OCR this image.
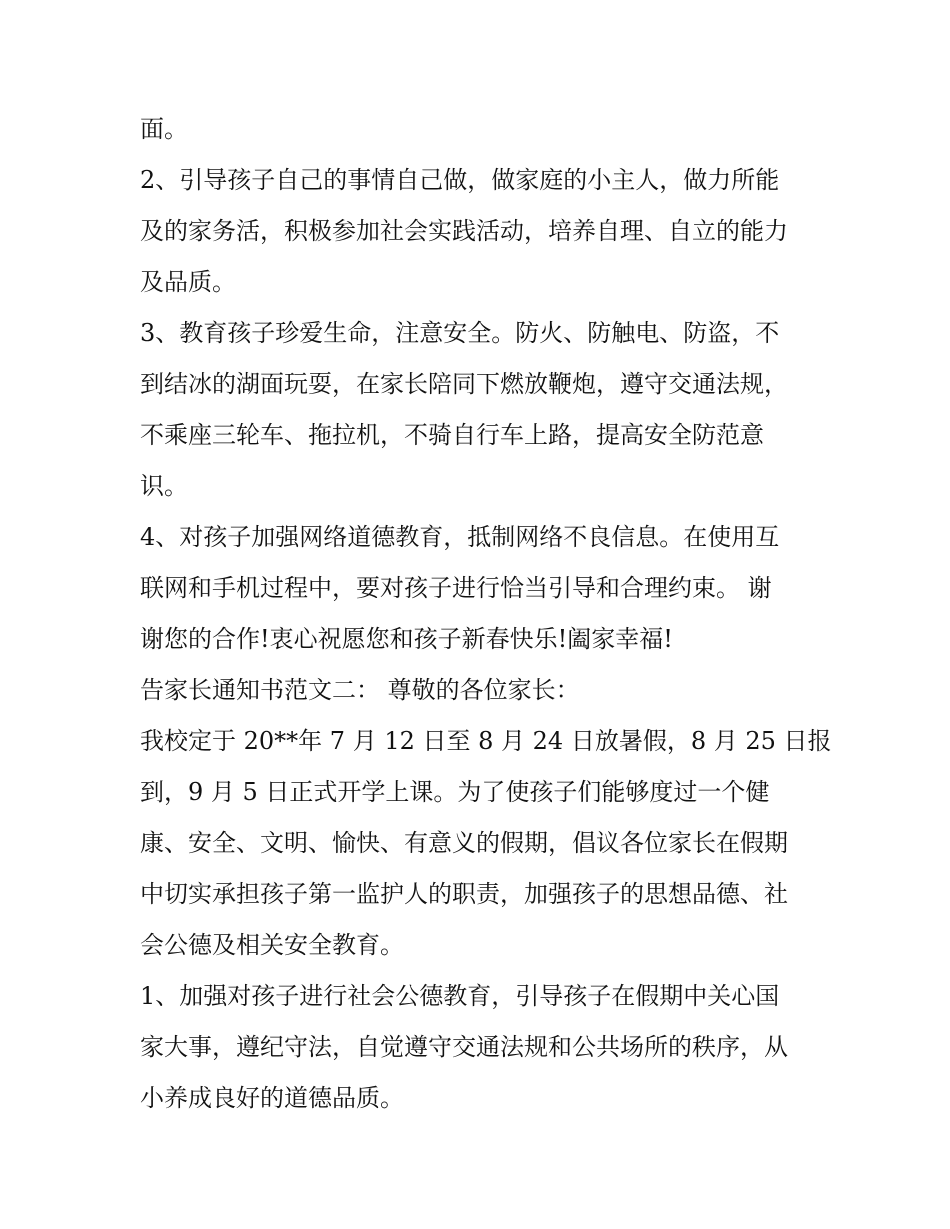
面。
2、引导孩子自己的事情自己做，做家庭的小主人，做力所能
及的家务活，积极参加社会实践活动，培养自理、自立的能力
及品质。
3、教育孩子珍爱生命，注意安全。防火、防触电、防盗，不
到结冰的湖面玩耍，在家长陪同下燃放鞭炮，遵守交通法规，
不乘座三轮车、拖拉机，不骑自行车上路，提高安全防范意
识。
4、对孩子加强网络道德教育，抵制网络不良信息。在使用互
联网和手机过程中，要对孩子进行恰当引导和合理约束。 谢
谢您的合作!衷心祝愿您和孩子新春快乐!阖家幸福!
告家长通知书范文二： 尊敬的各位家长：
我校定于 20**年 7 月 12 日至 8 月 24 日放暑假，8 月 25 日报
到，9 月 5 日正式开学上课。为了使孩子们能够度过一个健
康、安全、文明、愉快、有意义的假期，倡议各位家长在假期
中切实承担孩子第一监护人的职责，加强孩子的思想品德、社
会公德及相关安全教育。
1、加强对孩子进行社会公德教育，引导孩子在假期中关心国
家大事，遵纪守法，自觉遵守交通法规和公共场所的秩序，从
小养成良好的道德品质。
